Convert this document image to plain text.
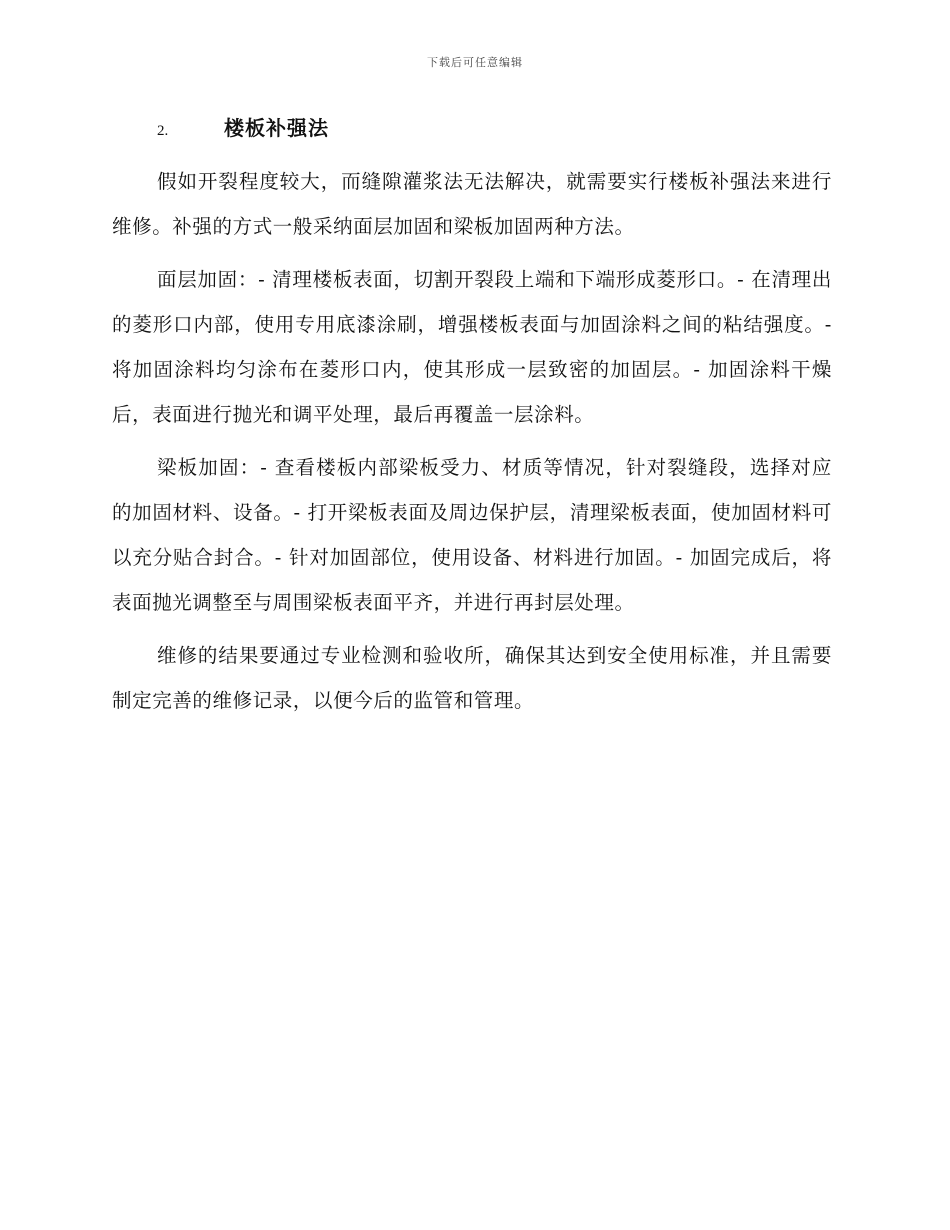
下载后可任意编辑
2.	楼板补强法

假如开裂程度较大，而缝隙灌浆法无法解决，就需要实行楼板补强法来进行维修。补强的方式一般采纳面层加固和梁板加固两种方法。

面层加固：- 清理楼板表面，切割开裂段上端和下端形成菱形口。- 在清理出的菱形口内部，使用专用底漆涂刷，增强楼板表面与加固涂料之间的粘结强度。- 将加固涂料均匀涂布在菱形口内，使其形成一层致密的加固层。- 加固涂料干燥后，表面进行抛光和调平处理，最后再覆盖一层涂料。

梁板加固：- 查看楼板内部梁板受力、材质等情况，针对裂缝段，选择对应的加固材料、设备。- 打开梁板表面及周边保护层，清理梁板表面，使加固材料可以充分贴合封合。- 针对加固部位，使用设备、材料进行加固。- 加固完成后，将表面抛光调整至与周围梁板表面平齐，并进行再封层处理。

维修的结果要通过专业检测和验收所，确保其达到安全使用标准，并且需要制定完善的维修记录，以便今后的监管和管理。
